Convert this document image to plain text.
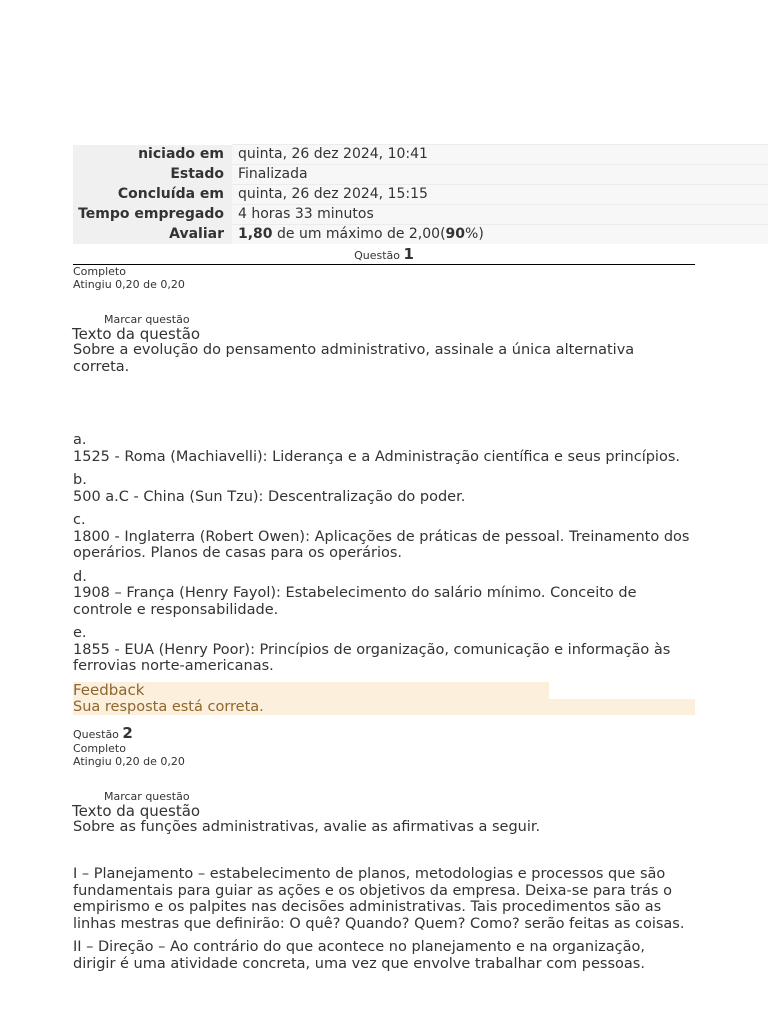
niciado em	quinta, 26 dez 2024, 10:41
Estado	Finalizada
Concluída em	quinta, 26 dez 2024, 15:15
Tempo empregado	4 horas 33 minutos
Avaliar	1,80 de um máximo de 2,00(90%)
Questão 1
Completo
Atingiu 0,20 de 0,20
Marcar questão
Texto da questão

Sobre a evolução do pensamento administrativo, assinale a única alternativa correta.

a.
1525 - Roma (Machiavelli): Liderança e a Administração científica e seus princípios.
b.
500 a.C - China (Sun Tzu): Descentralização do poder.
c.
1800 - Inglaterra (Robert Owen): Aplicações de práticas de pessoal. Treinamento dos operários. Planos de casas para os operários.
d.
1908 – França (Henry Fayol): Estabelecimento do salário mínimo. Conceito de controle e responsabilidade.
e.
1855 - EUA (Henry Poor): Princípios de organização, comunicação e informação às ferrovias norte-americanas.
Feedback
Sua resposta está correta.
Questão 2
Completo
Atingiu 0,20 de 0,20
Marcar questão
Texto da questão

Sobre as funções administrativas, avalie as afirmativas a seguir.

I – Planejamento – estabelecimento de planos, metodologias e processos que são fundamentais para guiar as ações e os objetivos da empresa. Deixa-se para trás o empirismo e os palpites nas decisões administrativas. Tais procedimentos são as linhas mestras que definirão: O quê? Quando? Quem? Como? serão feitas as coisas.

II – Direção – Ao contrário do que acontece no planejamento e na organização, dirigir é uma atividade concreta, uma vez que envolve trabalhar com pessoas.
